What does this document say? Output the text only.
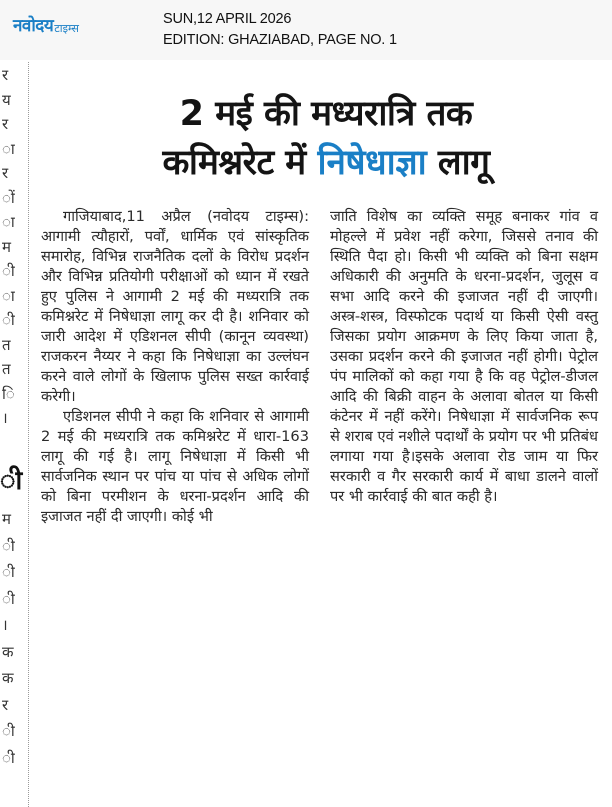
नवोदय टाइम्स
SUN,12 APRIL 2026
EDITION: GHAZIABAD, PAGE NO. 1
र
य
र
ा
र
ों
ा
म
ी
ा
ी
त
त
ि
।
ी
म
ी
ी
ी
।
क
क
र
ी
ी
2 मई की मध्यरात्रि तक
कमिश्नरेट में निषेधाज्ञा लागू

गाजियाबाद,11 अप्रैल (नवोदय टाइम्स): आगामी त्यौहारों, पर्वों, धार्मिक एवं सांस्कृतिक समारोह, विभिन्न राजनैतिक दलों के विरोध प्रदर्शन और विभिन्न प्रतियोगी परीक्षाओं को ध्यान में रखते हुए पुलिस ने आगामी 2 मई की मध्यरात्रि तक कमिश्नरेट में निषेधाज्ञा लागू कर दी है। शनिवार को जारी आदेश में एडिशनल सीपी (कानून व्यवस्था) राजकरन नैय्यर ने कहा कि निषेधाज्ञा का उल्लंघन करने वाले लोगों के खिलाफ पुलिस सख्त कार्रवाई करेगी।

एडिशनल सीपी ने कहा कि शनिवार से आगामी 2 मई की मध्यरात्रि तक कमिश्नरेट में धारा-163 लागू की गई है। लागू निषेधाज्ञा में किसी भी सार्वजनिक स्थान पर पांच या पांच से अधिक लोगों को बिना परमीशन के धरना-प्रदर्शन आदि की इजाजत नहीं दी जाएगी। कोई भी

जाति विशेष का व्यक्ति समूह बनाकर गांव व मोहल्ले में प्रवेश नहीं करेगा, जिससे तनाव की स्थिति पैदा हो। किसी भी व्यक्ति को बिना सक्षम अधिकारी की अनुमति के धरना-प्रदर्शन, जुलूस व सभा आदि करने की इजाजत नहीं दी जाएगी। अस्त्र-शस्त्र, विस्फोटक पदार्थ या किसी ऐसी वस्तु जिसका प्रयोग आक्रमण के लिए किया जाता है, उसका प्रदर्शन करने की इजाजत नहीं होगी। पेट्रोल पंप मालिकों को कहा गया है कि वह पेट्रोल-डीजल आदि की बिक्री वाहन के अलावा बोतल या किसी कंटेनर में नहीं करेंगे। निषेधाज्ञा में सार्वजनिक रूप से शराब एवं नशीले पदार्थों के प्रयोग पर भी प्रतिबंध लगाया गया है।इसके अलावा रोड जाम या फिर सरकारी व गैर सरकारी कार्य में बाधा डालने वालों पर भी कार्रवाई की बात कही है।
